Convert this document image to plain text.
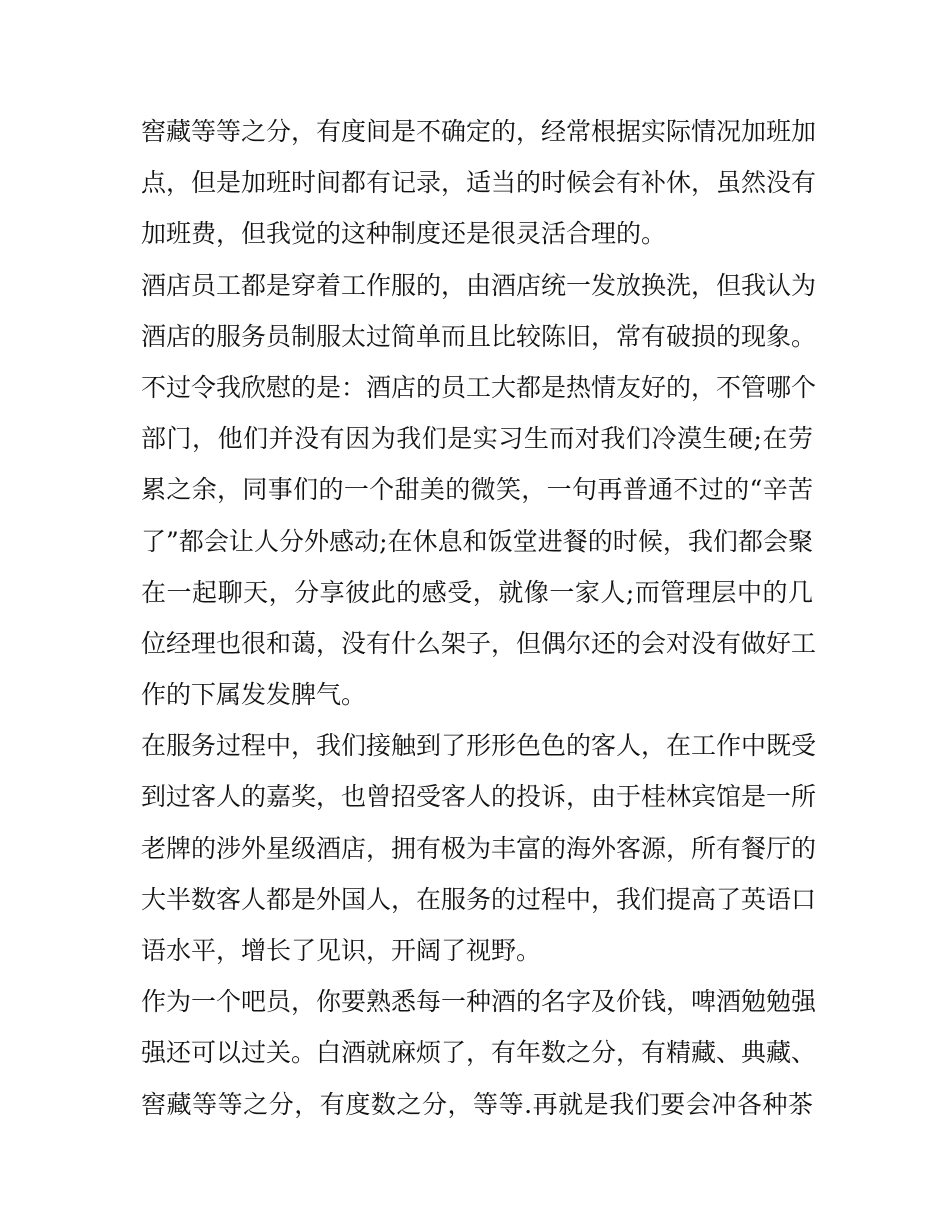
窖藏等等之分，有度间是不确定的，经常根据实际情况加班加
点，但是加班时间都有记录，适当的时候会有补休，虽然没有
加班费，但我觉的这种制度还是很灵活合理的。
酒店员工都是穿着工作服的，由酒店统一发放换洗，但我认为
酒店的服务员制服太过简单而且比较陈旧，常有破损的现象。
不过令我欣慰的是：酒店的员工大都是热情友好的，不管哪个
部门，他们并没有因为我们是实习生而对我们冷漠生硬;在劳
累之余，同事们的一个甜美的微笑，一句再普通不过的“辛苦
了”都会让人分外感动;在休息和饭堂进餐的时候，我们都会聚
在一起聊天，分享彼此的感受，就像一家人;而管理层中的几
位经理也很和蔼，没有什么架子，但偶尔还的会对没有做好工
作的下属发发脾气。
在服务过程中，我们接触到了形形色色的客人，在工作中既受
到过客人的嘉奖，也曾招受客人的投诉，由于桂林宾馆是一所
老牌的涉外星级酒店，拥有极为丰富的海外客源，所有餐厅的
大半数客人都是外国人，在服务的过程中，我们提高了英语口
语水平，增长了见识，开阔了视野。
作为一个吧员，你要熟悉每一种酒的名字及价钱，啤酒勉勉强
强还可以过关。白酒就麻烦了，有年数之分，有精藏、典藏、
窖藏等等之分，有度数之分，等等.再就是我们要会冲各种茶
